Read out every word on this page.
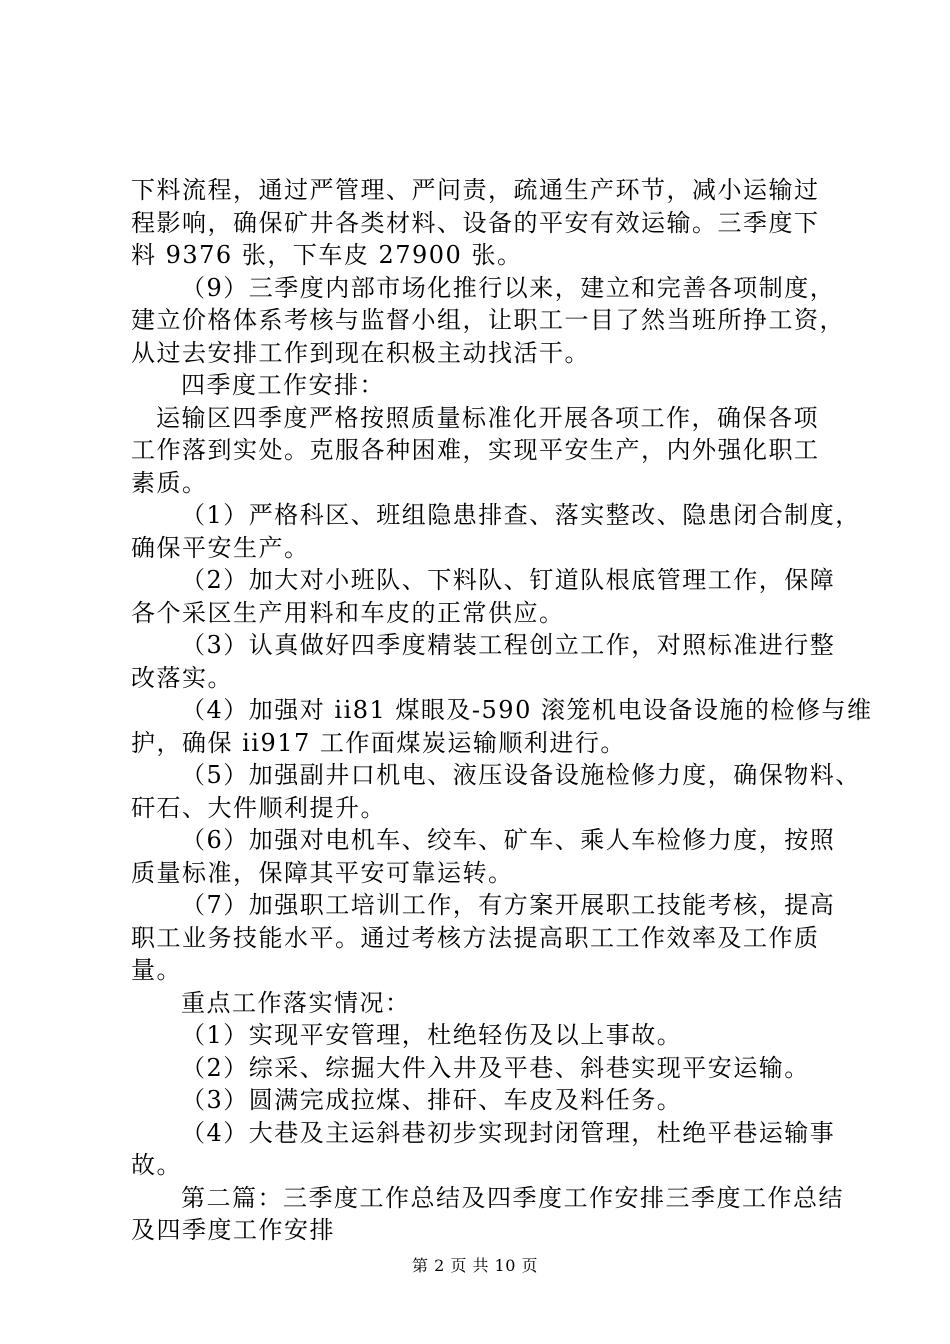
下料流程，通过严管理、严问责，疏通生产环节，减小运输过

程影响，确保矿井各类材料、设备的平安有效运输。三季度下

料 9376 张，下车皮 27900 张。

（9）三季度内部市场化推行以来，建立和完善各项制度，

建立价格体系考核与监督小组，让职工一目了然当班所挣工资，

从过去安排工作到现在积极主动找活干。

四季度工作安排：

运输区四季度严格按照质量标准化开展各项工作，确保各项

工作落到实处。克服各种困难，实现平安生产，内外强化职工

素质。

（1）严格科区、班组隐患排查、落实整改、隐患闭合制度，

确保平安生产。

（2）加大对小班队、下料队、钉道队根底管理工作，保障

各个采区生产用料和车皮的正常供应。

（3）认真做好四季度精装工程创立工作，对照标准进行整

改落实。

（4）加强对 ii81 煤眼及-590 滚笼机电设备设施的检修与维

护，确保 ii917 工作面煤炭运输顺利进行。

（5）加强副井口机电、液压设备设施检修力度，确保物料、

矸石、大件顺利提升。

（6）加强对电机车、绞车、矿车、乘人车检修力度，按照

质量标准，保障其平安可靠运转。

（7）加强职工培训工作，有方案开展职工技能考核，提高

职工业务技能水平。通过考核方法提高职工工作效率及工作质

量。

重点工作落实情况：

（1）实现平安管理，杜绝轻伤及以上事故。

（2）综采、综掘大件入井及平巷、斜巷实现平安运输。

（3）圆满完成拉煤、排矸、车皮及料任务。

（4）大巷及主运斜巷初步实现封闭管理，杜绝平巷运输事

故。

第二篇：三季度工作总结及四季度工作安排三季度工作总结

及四季度工作安排

第 2 页 共 10 页
